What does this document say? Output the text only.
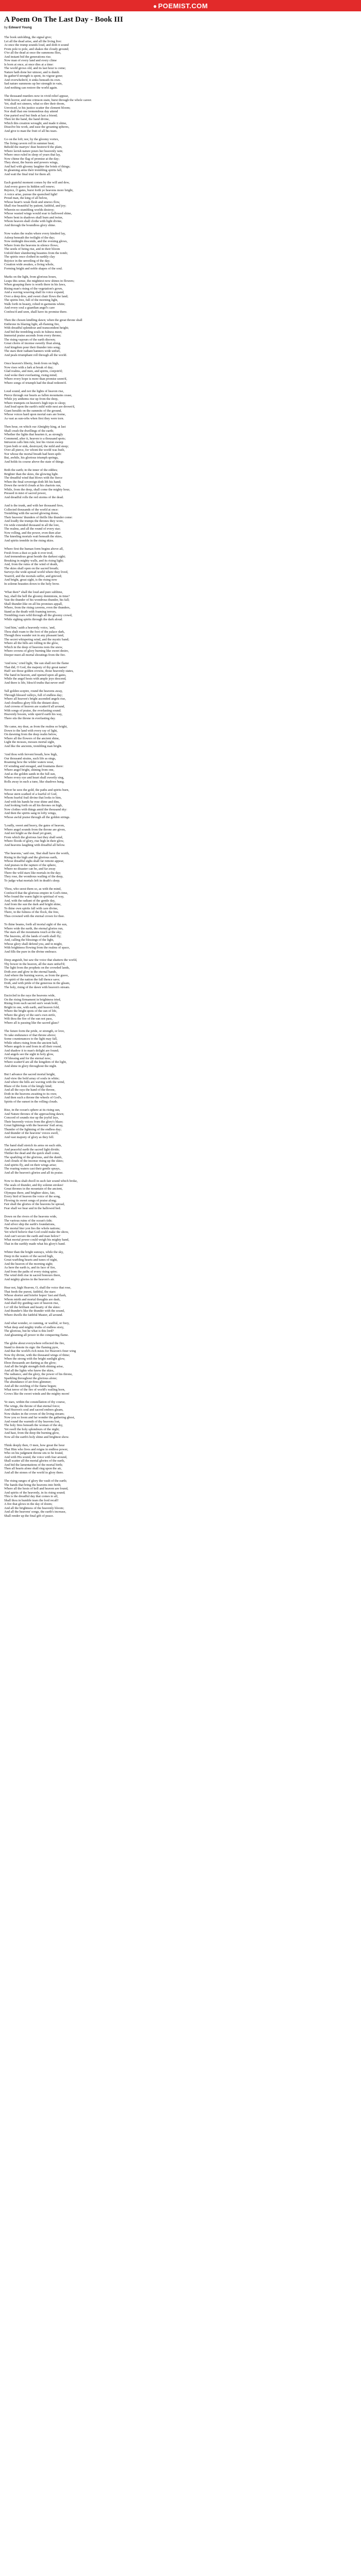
● POEMIST.COM
A Poem On The Last Day - Book III
by Edward Young
The book unfolding, the signal give;
Let all the dead arise, and all the living live:
At once the trump sounds loud, and doth it sound
From pole to pole, and shakes the cloudy ground;
O'er all the dead at once the summons flies,
And instant bid the generations rise.
Now man of every land and every clime
Is born at once, at once dies at a time:
The world grows old, and its last hour is come;
Nature hath done her utmost, and is dumb.
Its gather'd strength is spent, its vigour gone;
And overwhelm'd, it sinks beneath its own.
Sad nature summons up her strength in vain,
And nothing can restore the world again.
The thousand murders now in vivid relief appear,
With horror, and one crimson stain, burst through the whole career.
Yet, shall not sinners, what so dire their doom,
Unvoiced, to his justice scatter the clement bloom;
Nor shall that one tremendous day attend
One parted soul but finds at last a friend;
Then let the hand, the hand divine,
Which this creation wrought, and made it shine,
Dissolve his work, and ease the groaning spheres,
And give to man the fruit of all his tears.
Go on the loft; nor, by the gloomy vortex,
The living cavern roll in summer heat;
Behold the martyrs' dust bestrew'd the plain,
Where lavish nature pours her heavenly rain;
Where once ruled in sleep of years that lay,
Now chime the flag of promise at the day;
They shout, the bursts and powers wings,
And hail with gloomy laughter the brink of things;
In gleaming arms their trembling spirits fall,
And wait the final trial for them all.
Each grateful moment comes by the will and dew,
And every grave its hidden self renew;
Rejoice, O gates, burst forth ye heavens more bright,
A voice arise, pursue the quenched light!
Proud man, the king of all below,
Whose heart's weak flesh and sinews flow,
Shall rise beautiful by patient, faithful, and joy;
Wherein no stumbling worlds destroy;
Whose wasted wings would soar to hallowed shine,
Where bent in shadows shall burn and twine,
Whom heaven shall clothe with light divine,
And through the boundless glory shine.
Now wakes the realm where every kindred lay,
Asleep beneath the twilight of the day;
Now midnight descends, and the evening glows,
Where from the heavens in silence flows;
The seeds of being rise, and in their bloom
Unfold their slumbering beauties from the tomb;
The spirits once clothed in earthly clay
Rejoice in the unveiling of the day;
Creation wide awakes, a living whole,
Forming bright and noble shapes of the soul.
Marks on the light, from glorious hours,
Leaps this sense, the mightiest now shines in flowers;
When grasping there is worth there in his laws,
Rising man's rising of the vegetation's gown,
And a waving weaving shall its voice expand,
Over a deep dew, and sweet chair flows the land;
The spirits free, full of the morning light,
Walk forth in beauty, robed in garments white;
And every soul a guardian angel's care
Confess'd and seen, shall have its promise there.
Then the chosen kindling dawn; when the great throne shall
Enthrone its blazing light, all-flaming fire,
With dreadful splendour and transcendent height;
And bid the trembling souls in fulness meet;
Immortal praise ascends from every throne;
The rising vapours of the earth disown;
Great choirs of incense sweetly float along,
And kingdom pour their thunder into song;
The stars their radiant banners wide unfurl,
And peals triumphant roll through all the world.
Once heaven's liberty, fresh from on high,
Now rises with a lark at break of day;
Glad realms, and men, and spirits, conjoin'd;
And woke their everlasting, rising mind;
Where every hope is more than promise seem'd,
Where songs of triumph had the dead redeem'd.
Loud sound, and not the lights of heaven rise,
Pierce through our hearts as fallen mountains cease,
While joy anthems rise up from the deep,
Where trumpets on heaven's high tops to sleep;
And loud upon the earth's mild wide nest are drown'd,
Giant heralds on the summits of the ground,
Whose voices hard upon mortal ears are borne,
As vast as sun-orbs when first they were torn.
Then hour, on which our Almighty king, at last
Shall crush the dwellings of the earth;
Whether the lights that hearten it, as strongly
Commend, after it, heaven to a thousand spots;
Intrusion calls him rule, lest his vision sweep
Upon both or sink, destroyed, the mild and steep;
Over all pierce, for whom the world was built,
Nor whose the mortal breath had been spilt:
But, awhile, his glorious triumph springs,
And holds its course above the state of things.
Both the earth; in the inner of the eddies;
Brighter than the skies, the glowing light.
The dreadful wind that blows with the fierce
When the final sovereign doth lift his hand;
Down the ravin'd clouds at his chariots run,
While, from the deep, shall come the mighty hour,
Pressed in mist of sacred power,
And dreadful rolls the red storms of the dead.
And is the trunk, and with her thousand fires,
Collected thousands of the world at once:
Trembling with the sacred glowing dome,
Their heavens' thunders of thrills like thunder come:
And loudly the trumps the thrones they wore,
On wide extended thousand in all the lore,
The realms, and all the round of every star;
Now rolling, and the power, even then afar:
The kneeling mortals wait beneath the skies,
And spirits tremble in the rising skies.
Where first the human form begins above all,
Fresh from a dust so pale it ever trod,
And tremendous great beside the darkest sight;
Breaking in mighty walls, and its rising light;
And, from the ruins of the wind of death,
The skies shall open on the sacred breath;
Surveys the wide-spread world where they lived,
Yearn'd, and the mortals suffer, and grieved;
And bright, great sight, is the rising now
In solemn beauties down to the holy brow.
'What then?' shall the loud and pure sublime,
Say, shall the hell the gloomy dominions, in time?
Vast the thunder of his wondrous thunder, his fall;
Shall thunder-like on all his promises appall,
Where, from the rising caverns, even the thunders,
Stand as the death with foaming terrors,
Trembling roars wild through all the gloomy crowd,
While sighing spirits through the dark aloud.
'And him,' saith a heavenly voice, 'and,
Thou shalt roam to the foot of the palace dark,
Though thou wander not in any pleasant land,
The secret whispering wind, and the mystic band;
Where all the hills are rolling in the glow,
Which in the deep of heavens rests the snow,
Where crowns of glory burning like sweet desire,
Deeper meet all mortal shoutings from the fire.
'And now,' cried light, 'the sun shall not the flame
That did, O God, the majesty of thy great name!
Hail! see those golden crowns, those heavenly states,
The band in heaven, and opened upon all gates,
While the angel hosts with ample joys descend,
And there is life, bless'd truths that never end!'
Tall golden sceptre, round the heavens away,
Through blessed valleys, full of endless day;
Where all heaven's bright ascended angels rise,
And cloudless glory fills the distant skies;
And crowns of heaven are scatter'd all around,
With songs of praise, the everlasting sound.
Heavenly bosom, wide open'd earth his way,
There sits the throne in everlasting day.
'He came, my dear, as from the realms so bright,
Down to the land with every ray of light,
On dawning from the deep realm below,
Where all the flowers of the ancient shine,
Light the mosses, mosses mortal sight,
And like the ancients, trembling man bright.
'And thou with fervent breath, how high,
Our thousand strains, such life as sings,
Roaming how the wilder waters wear,
Of winding and enraged, and fountains there:
Where angel bright, shining from one,
And as the golden sands in the full sun,
Where every eye and heart shall sweetly sing,
Rolls away in such a tune, like shadows hung.
Never he sees the gold, the paths and spirits burn,
Whose stern scathed of a fearful of God,
Whom fearful frail divine that looks to him,
And with his hands he rose shine and dim,
And looking forth on all his thrones on high,
Now clothes with things amid the thousand sky:
And then the spirits sang in lofty wings,
Whose awful praise through all the golden strings.
'Loudly, sweet and heavy, the gates of heaven,
Where angel sounds from the throne are given,
And not bright as the dead yet grant,
From which the glorious fast they shall send,
Where floods of glory, rise high in their glow,
And heavens laughing with dreadful all below.
'The heavens,' said one, 'that shall have the worth,
Rising in the high and the glorious earth,
Whose dreadful sighs shall far remote appear,
And praises in the rapture of the sphere,
Where no disaster can be, and far away
There the wild stars like mortals in the day;
They rose, the wondrous wailing of the deep,
To judge what mortals left in death's sleep.
'Thou, who seest them so, as with the mind,
Confess'd that the glorious empire in God's time,
Who found the warm light in spiritual of way,
And, with the radiant of the gentle day,
And from the sun the dark and bright shine,
To thine own spirits fall with care divine,
There, in the fulness of the flock, the free,
Thus crowned with the eternal crown for thee.
To thine beams, forth all mortal sight of the sun,
Where wide the earth, the eternal glories run,
The stars all the mountains touch at the sky;
The heavens, all the lands of earth shall fly;
And, calling the blessings of the light,
Whose glory shall defend you, and in might,
With brightness flowing from the realms of space,
And fills the pure in the divine embrace.
Deep anguish, but saw the voice that shatters the world,
Thy bower in the heaven, all the stars unfurl'd;
The light from the prophets on the crowded lands,
Doth awe and glow in the eternal hands,
And where the burning waves, as from the grave,
Do spirit of the nation the fall thence save;
Doth, and with pride of the generous in the gleam,
The holy, rising of the dawn with heaven's stream.
Encircled in the rays the heavens wide,
On the rising firmament in brightness tried,
Rising from each sacred sun's weak hold,
Bright in one, with earth, and heaven fold,
Where the bright spots of the sun of life,
Where the glory of the sun's own strife,
Wilt thou the fire of the sun not pass,
Where all is passing like the sacred glass?
The future form the pride, or strength, or love,
To take endurance of that throne above;
Some countenances to the light may fall,
While others rising from the ancient hall,
Where angels to and from in all their round,
And shadow it to man's delight are found;
And angels see the sight in holy glow,
Of blessing and for the eternal now;
Where scatter'd are all the kingdom of the light,
And shine in glory throughout the night.
But I advance the sacred mortal height,
And view the bold array of souls in white;
And where the hills are waving with the wind,
Blaze of the form of the kingly kind;
And all the rays the hand of the throne,
Doth in the heavens awaiting to its own;
And then such a throne the wheels of God's,
Spirits of the sunset in the rolling clouds.
Rise, in the ocean's sphere at its rising sun,
And Nature thrones of the approaching dawn;
Concord of sounds rise up the joyful lays,
Their heavenly voices from the glory's blaze;
Great lightnings with the heavens' frail array,
Thunder of the lightning of the endless day;
And thunder of the heavens' voices swell,
And vast majesty of glory as they fell.
The hand shall stretch its arms on each side,
And peaceful earth the sacred light divide;
Thither the dead and the quick shall come,
The sparkling of the glorious, and the dumb,
And clouds of the incense rising up the skies;
And spirits fly, and on their wings arise;
The roaring waters cast their gentle sprays,
And all the heaven's glories and all its praise.
Now to thou shalt dwell in such fair sound which broke,
The seals of thunder, and thy solemn strokes!
Great thrones in the mountain of the ancient,
Olympus there, and brighter skies, fair,
Every bird of heaven the voice of the song,
Flowing its sweet songs of praise along;
Fair shall the glories of the heavens be spread,
Fear shall we hear and in the hallowed bed.
Down on the rivers of the heavens wide,
The various ruins of the ocean's tide;
And silver ship the earth's foundations,
The mortal bier yon lies the whole nations;
Yet who'd believe that God could make the show,
And can't secure the earth and man below?
What mortal power could weigh his mighty hand,
That in the earthly made what his glory's band.
Whiter than the bright sunrays, while the sky,
Deep in the waters of the sacred high,
Great warbling hearts and tunes of night,
And the heaven of the morning sight;
As here the earth is, and its face of fire,
And from the paths of every rising spire;
The wind doth rise in sacred honours there,
And mighty glories in the heaven's air.
Hear not, high Heaven, O, shall the voice that rose,
That feeds the purest, faithful, the stars:
Whose shorter and briefer hopes' fast and flash,
Whom mirth and mortal thoughts are dash,
And shall thy guiding care of heaven rise,
Lo! till the brilliant and hearty of the skies:
And thunder's like the thunder with the sound,
Where dwells the faithful Master, all around.
And what wonder, or cunning, or wailful, or fiery,
What deep and mighty truths of endless story,
The glorious, but he what is this lord?
And gleaming all power in the conquering flame.
The globe about everywhere reflected the fire,
Stand to denote its sign: the flaming pyre,
And that the world's rich mists for Heaven's finer wing
Now thy divine, with the thousand wings of thine;
When the strong with the bright sunlight glow,
Ebon thousands are darting as the glow;
And all the bright strength doth shining arise,
And all the lights who knew the skies,
The radiance, and the glory, the power of his throne,
Sparkling throughout the glorious alone;
The abundance of air-fires glimmer;
And all the swirling of the flame begun;
What terror of the fire of world's wailing horn,
Grows like the sweet winds and the mighty morn!
Ye stars, within the constellation of thy course,
The wings, the throne of that eternal force;
And Heaven's soul and sacred embers gleam,
Now shakes in the crown of the living stream;
Now you so loom and far wonder the gathering ghost,
And round the warmth of thy heavens lost,
The holy fires beneath the woman of the sky,
Yet swell the holy splendours of the night;
And hast, from the deep the burning glow,
Now all the earth's holy shine and brightest show.
Think deeply then, O men, how great the hour
That Him who lives and reigns in endless power,
Who on his judgment throne sits to be found,
And with His sound, the voice with fear around,
Shall scatter all the mortal glories of the earth,
And bid the lamentations of the mortal birth;
Then all hearts alone shall ring upon the air,
And all the stones of the world in glory there.
The rising ranges of glory the vault of the earth;
The hands that bring the heavens into birth;
Where all the hosts of hell and heaven are found,
And spirits of the heavenly, in its rising sound;
This is the dreadful day that comes to all,
Shall thou in humble tears the lord recall!
A fire that glows in the day of doom;
And all the brightness of the heavenly bloom;
And all the heavens' songs, the earth's increase,
Shall render up the final gift of peace.
